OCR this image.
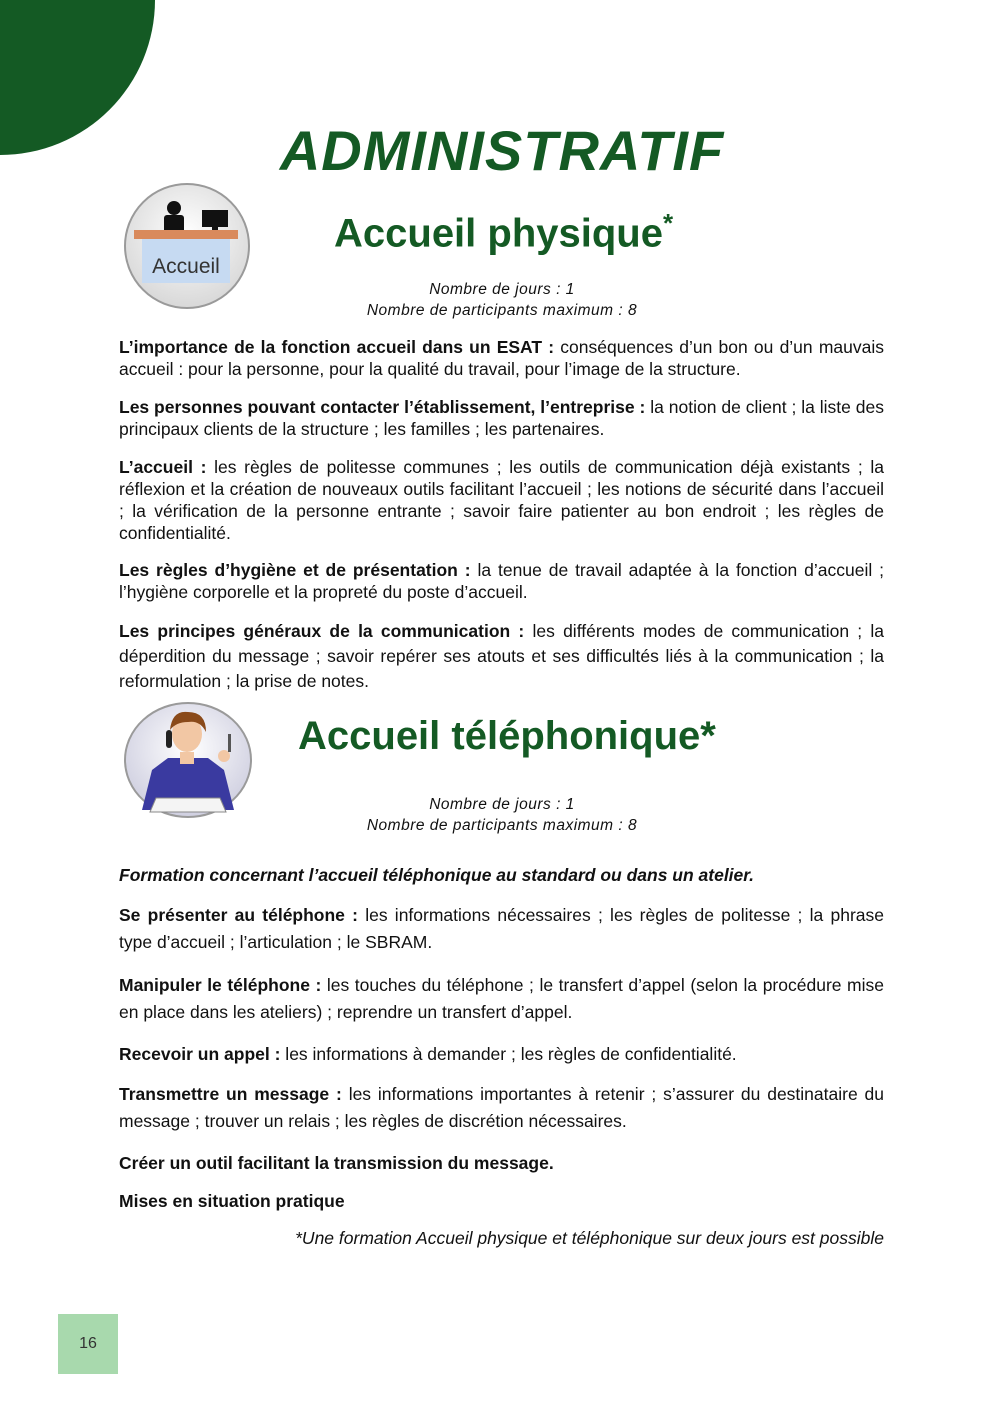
ADMINISTRATIF
Accueil
Accueil physique*
Nombre de jours : 1
Nombre de participants maximum : 8

L’importance de la fonction accueil dans un ESAT : conséquences d’un bon ou d’un mauvais accueil : pour la personne, pour la qualité du travail, pour l’image de la structure.

Les personnes pouvant contacter l’établissement, l’entreprise : la notion de client ; la liste des principaux clients de la structure ; les familles ; les partenaires.

L’accueil : les règles de politesse communes ; les outils de communication déjà existants ; la réflexion et la création de nouveaux outils facilitant l’accueil ; les notions de sécurité dans l’accueil ; la vérification de la personne entrante ; savoir faire patienter au bon endroit ; les règles de confidentialité.

Les règles d’hygiène et de présentation : la tenue de travail adaptée à la fonction d’accueil ; l’hygiène corporelle et la propreté du poste d’accueil.

Les principes généraux de la communication : les différents modes de communication ; la déperdition du message ; savoir repérer ses atouts et ses difficultés liés à la communication ; la reformulation ; la prise de notes.

Accueil téléphonique*
Nombre de jours : 1
Nombre de participants maximum : 8

Formation concernant l’accueil téléphonique au standard ou dans un atelier.

Se présenter au téléphone : les informations nécessaires ; les règles de politesse ; la phrase type d’accueil ; l’articulation ; le SBRAM.

Manipuler le téléphone : les touches du téléphone ; le transfert d’appel (selon la procédure mise en place dans les ateliers) ; reprendre un transfert d’appel.

Recevoir un appel : les informations à demander ; les règles de confidentialité.

Transmettre un message : les informations importantes à retenir ; s’assurer du destinataire du message ; trouver un relais ; les règles de discrétion nécessaires.

Créer un outil facilitant la transmission du message.

Mises en situation pratique

*Une formation Accueil physique et téléphonique sur deux jours est possible
16
